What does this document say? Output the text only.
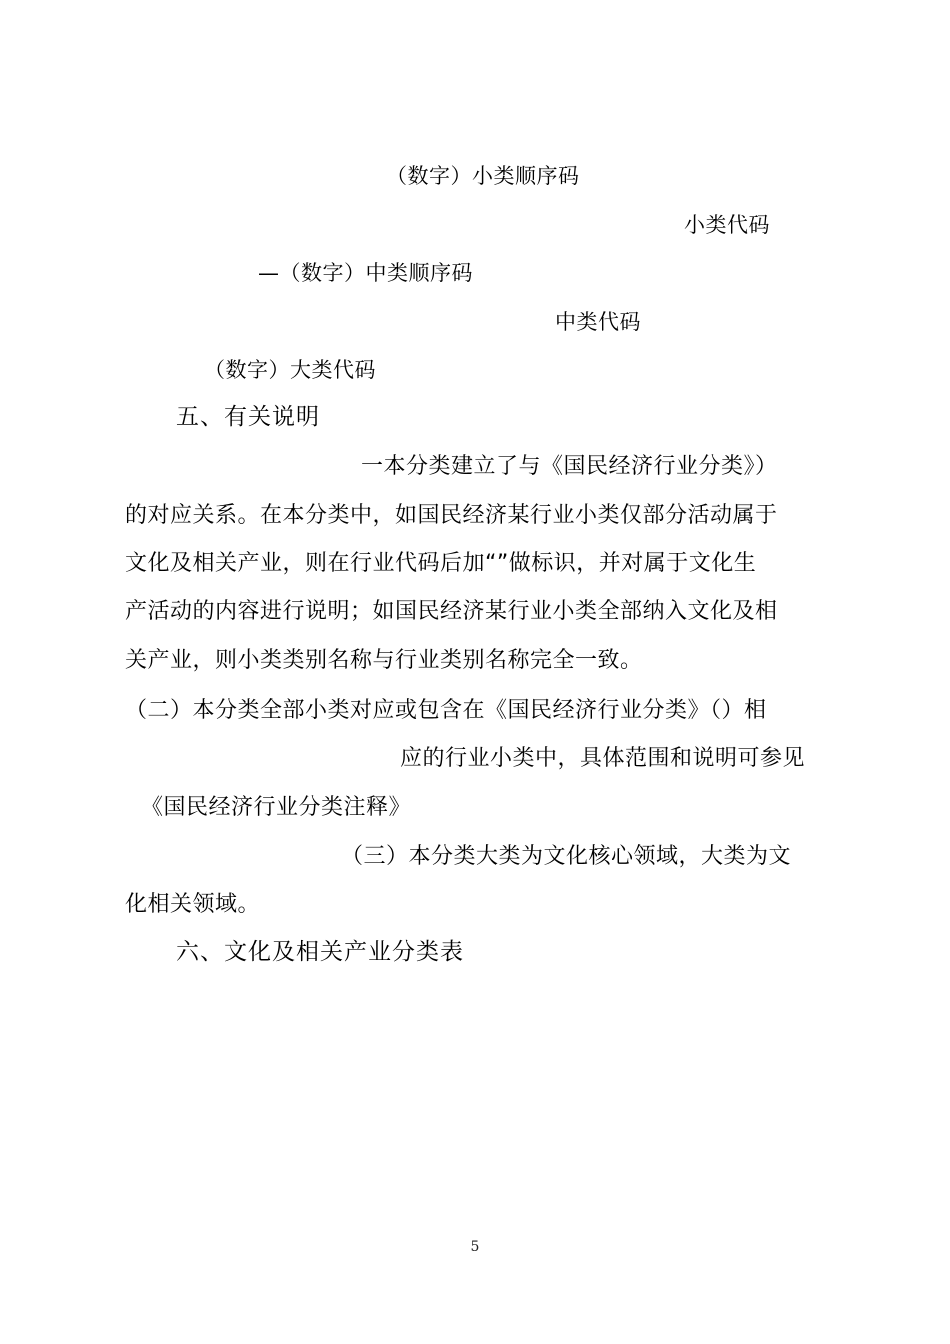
（数字）小类顺序码
小类代码
—（数字）中类顺序码
中类代码
（数字）大类代码
五、有关说明
一本分类建立了与《国民经济行业分类》）
的对应关系。在本分类中，如国民经济某行业小类仅部分活动属于
文化及相关产业，则在行业代码后加“”做标识，并对属于文化生
产活动的内容进行说明；如国民经济某行业小类全部纳入文化及相
关产业，则小类类别名称与行业类别名称完全一致。
（二）本分类全部小类对应或包含在《国民经济行业分类》（）相
应的行业小类中，具体范围和说明可参见
《国民经济行业分类注释》
（三）本分类大类为文化核心领域，大类为文
化相关领域。
六、文化及相关产业分类表
5
